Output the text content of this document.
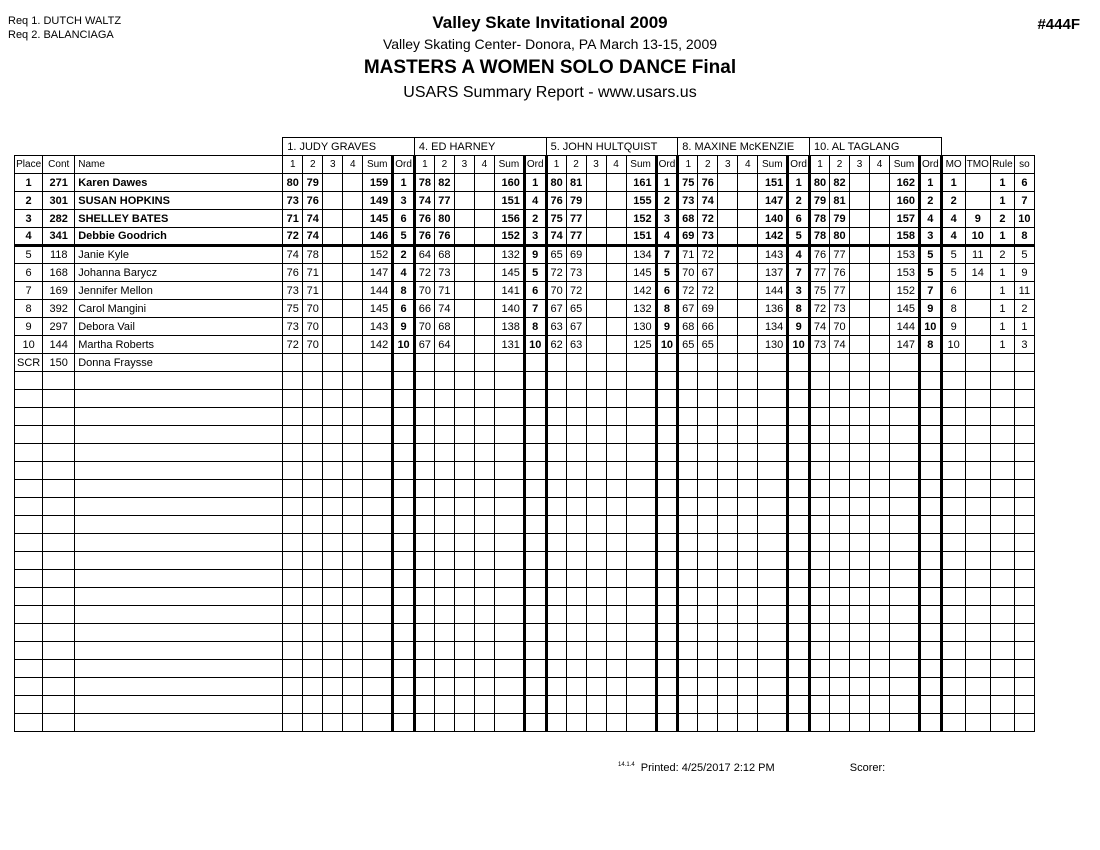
Req 1. DUTCH WALTZ
Req 2. BALANCIAGA
#444F
Valley Skate Invitational 2009
Valley Skating Center- Donora, PA March 13-15, 2009
MASTERS A WOMEN SOLO DANCE Final
USARS Summary Report - www.usars.us
			1. JUDY GRAVES						4. ED HARNEY						5. JOHN HULTQUIST						8. MAXINE McKENZIE						10. AL TAGLANG									
Place	Cont	Name	1	2	3	4	Sum	Ord	1	2	3	4	Sum	Ord	1	2	3	4	Sum	Ord	1	2	3	4	Sum	Ord	1	2	3	4	Sum	Ord	MO	TMO	Rule	so
1	271	Karen Dawes	80	79			159	1	78	82			160	1	80	81			161	1	75	76			151	1	80	82			162	1	1		1	6
2	301	SUSAN HOPKINS	73	76			149	3	74	77			151	4	76	79			155	2	73	74			147	2	79	81			160	2	2		1	7
3	282	SHELLEY BATES	71	74			145	6	76	80			156	2	75	77			152	3	68	72			140	6	78	79			157	4	4	9	2	10
4	341	Debbie Goodrich	72	74			146	5	76	76			152	3	74	77			151	4	69	73			142	5	78	80			158	3	4	10	1	8
5	118	Janie Kyle	74	78			152	2	64	68			132	9	65	69			134	7	71	72			143	4	76	77			153	5	5	11	2	5
6	168	Johanna Barycz	76	71			147	4	72	73			145	5	72	73			145	5	70	67			137	7	77	76			153	5	5	14	1	9
7	169	Jennifer Mellon	73	71			144	8	70	71			141	6	70	72			142	6	72	72			144	3	75	77			152	7	6		1	11
8	392	Carol Mangini	75	70			145	6	66	74			140	7	67	65			132	8	67	69			136	8	72	73			145	9	8		1	2
9	297	Debora Vail	73	70			143	9	70	68			138	8	63	67			130	9	68	66			134	9	74	70			144	10	9		1	1
10	144	Martha Roberts	72	70			142	10	67	64			131	10	62	63			125	10	65	65			130	10	73	74			147	8	10		1	3
SCR	150	Donna Fraysse																																		

$^{14.1.4}$ Printed: 4/25/2017 2:12 PM	Scorer:
